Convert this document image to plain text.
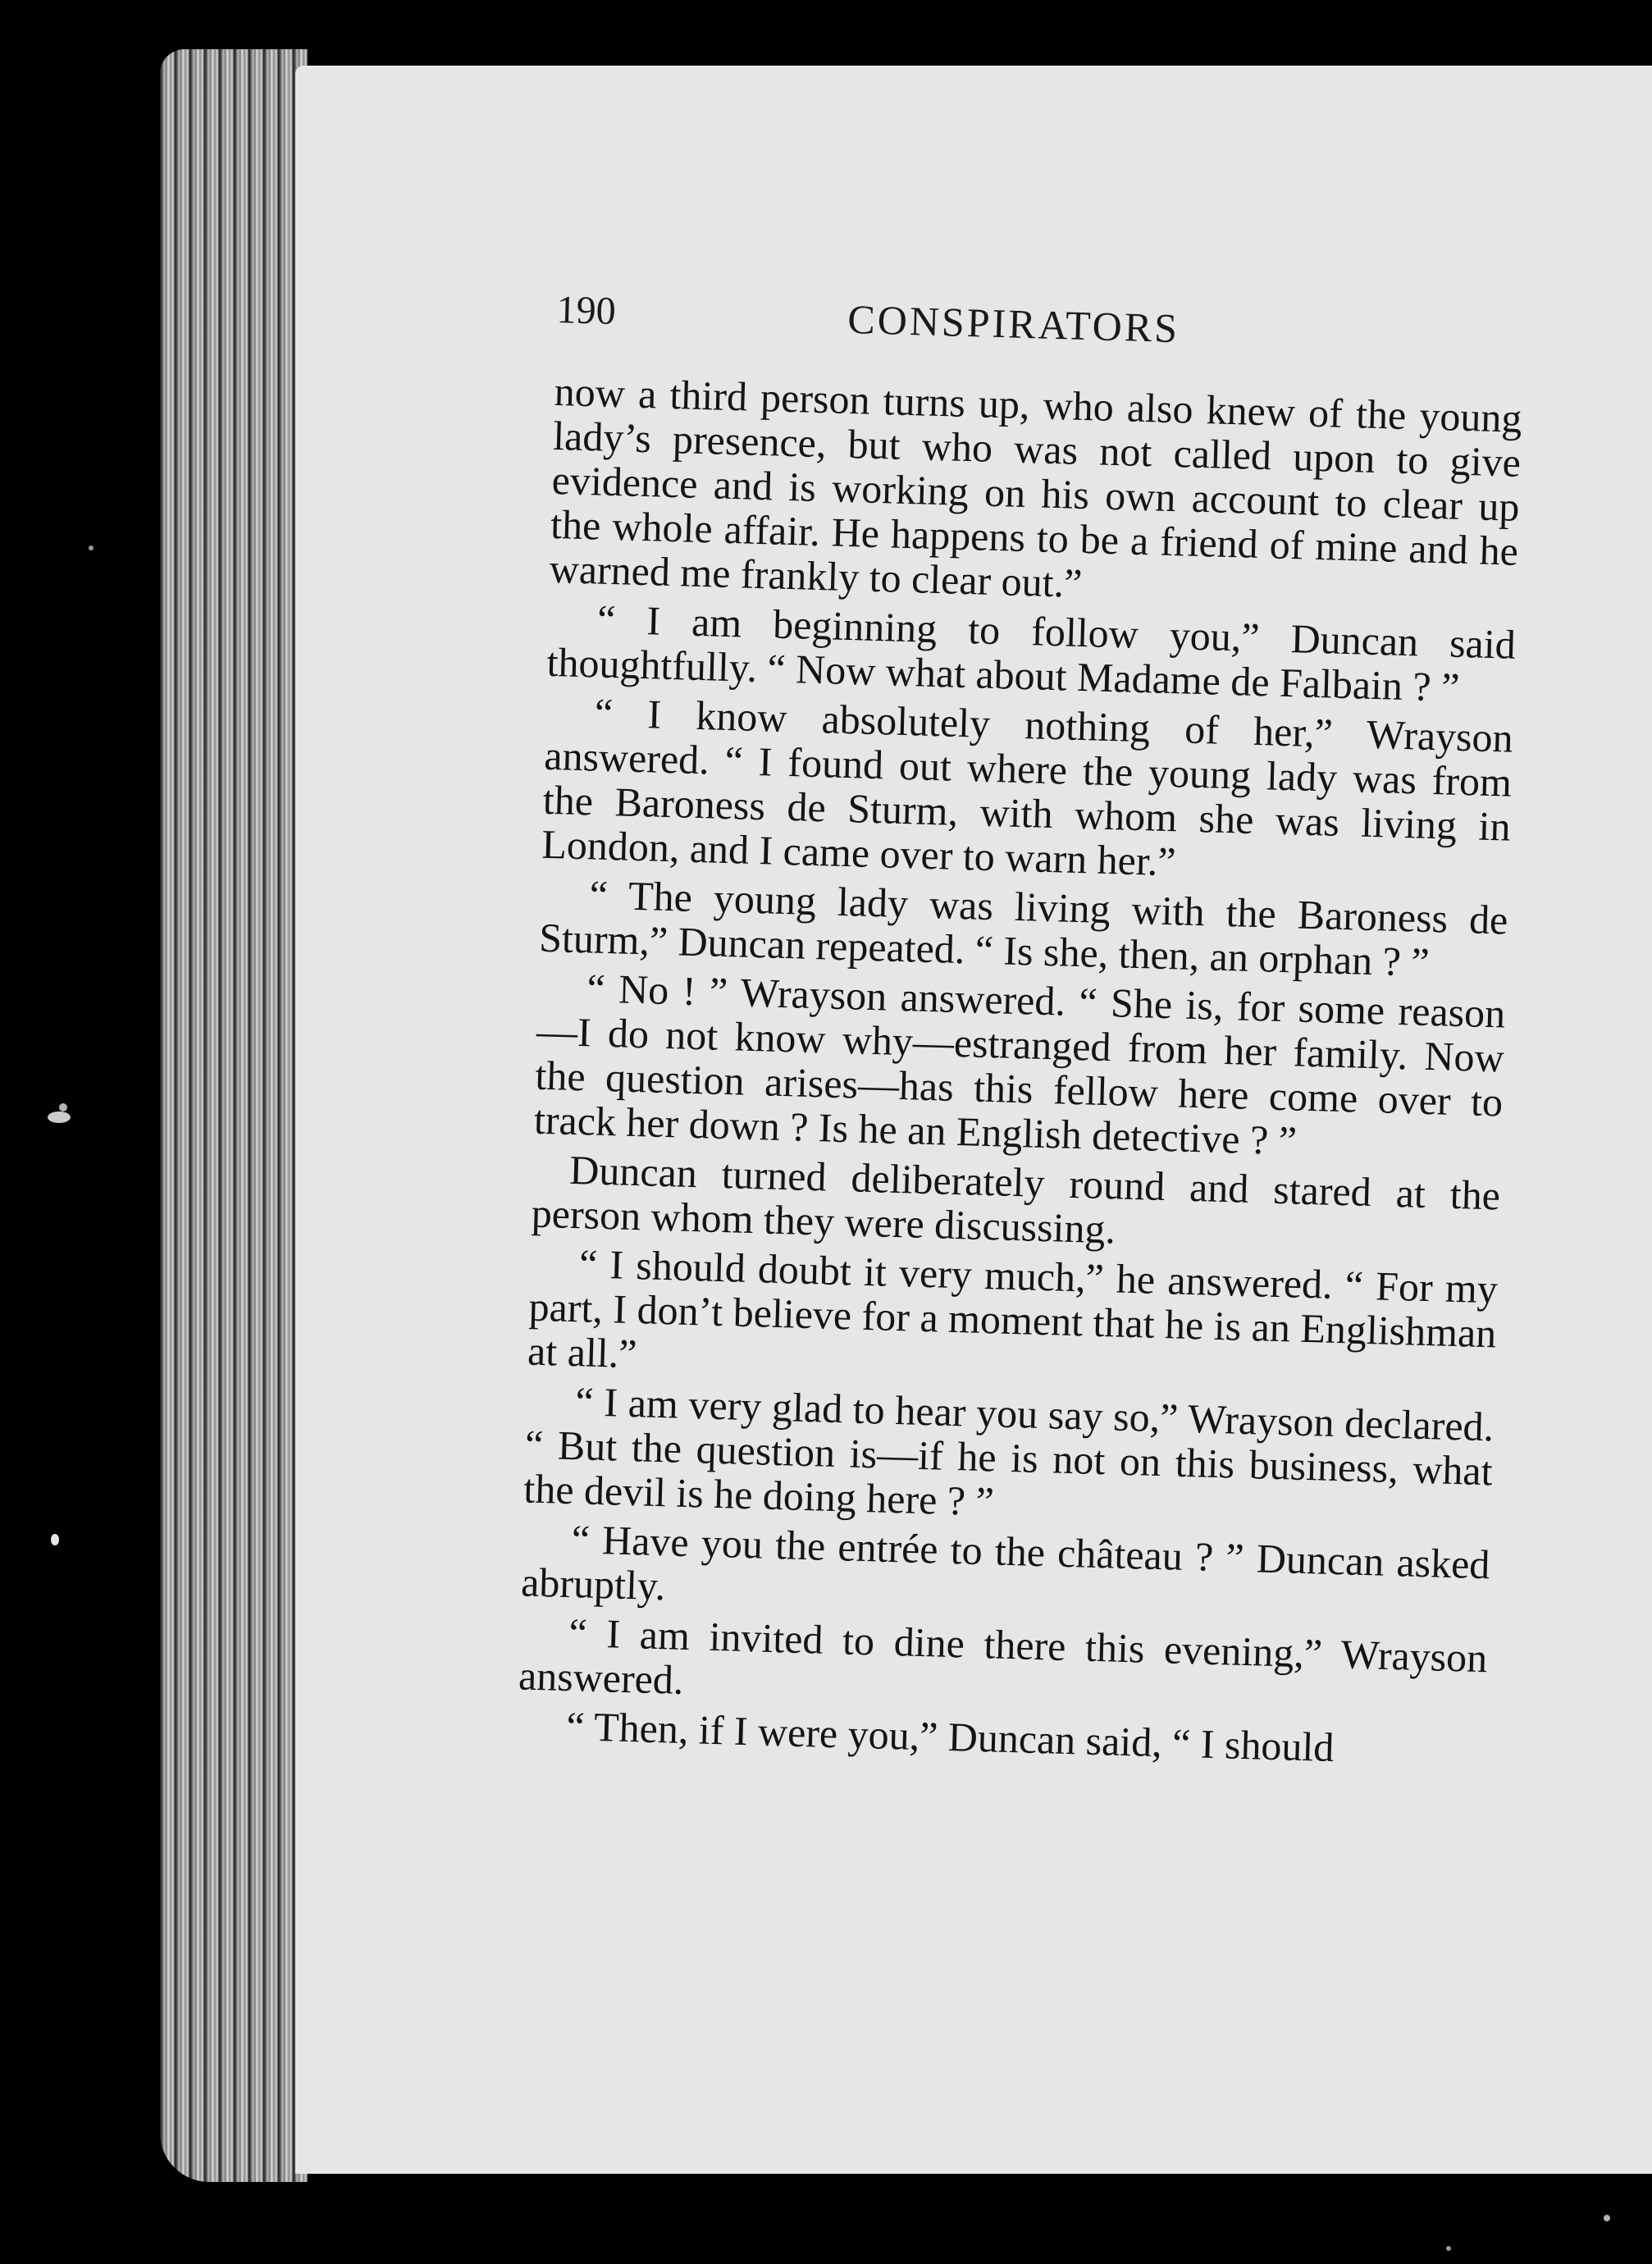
190	CONSPIRATORS

now a third person turns up, who also knew of the young lady’s presence, but who was not called upon to give evidence and is working on his own account to clear up the whole affair. He happens to be a friend of mine and he warned me frankly to clear out.”

“ I am beginning to follow you,” Duncan said thoughtfully. “ Now what about Madame de Falbain ? ”

“ I know absolutely nothing of her,” Wrayson answered. “ I found out where the young lady was from the Baroness de Sturm, with whom she was living in London, and I came over to warn her.”

“ The young lady was living with the Baroness de Sturm,” Duncan repeated. “ Is she, then, an orphan ? ”

“ No ! ” Wrayson answered. “ She is, for some reason—I do not know why—estranged from her family. Now the question arises—has this fellow here come over to track her down ? Is he an English detective ? ”

Duncan turned deliberately round and stared at the person whom they were discussing.

“ I should doubt it very much,” he answered. “ For my part, I don’t believe for a moment that he is an Englishman at all.”

“ I am very glad to hear you say so,” Wrayson declared. “ But the question is—if he is not on this business, what the devil is he doing here ? ”

“ Have you the entrée to the château ? ” Duncan asked abruptly.

“ I am invited to dine there this evening,” Wrayson answered.

“ Then, if I were you,” Duncan said, “ I should
